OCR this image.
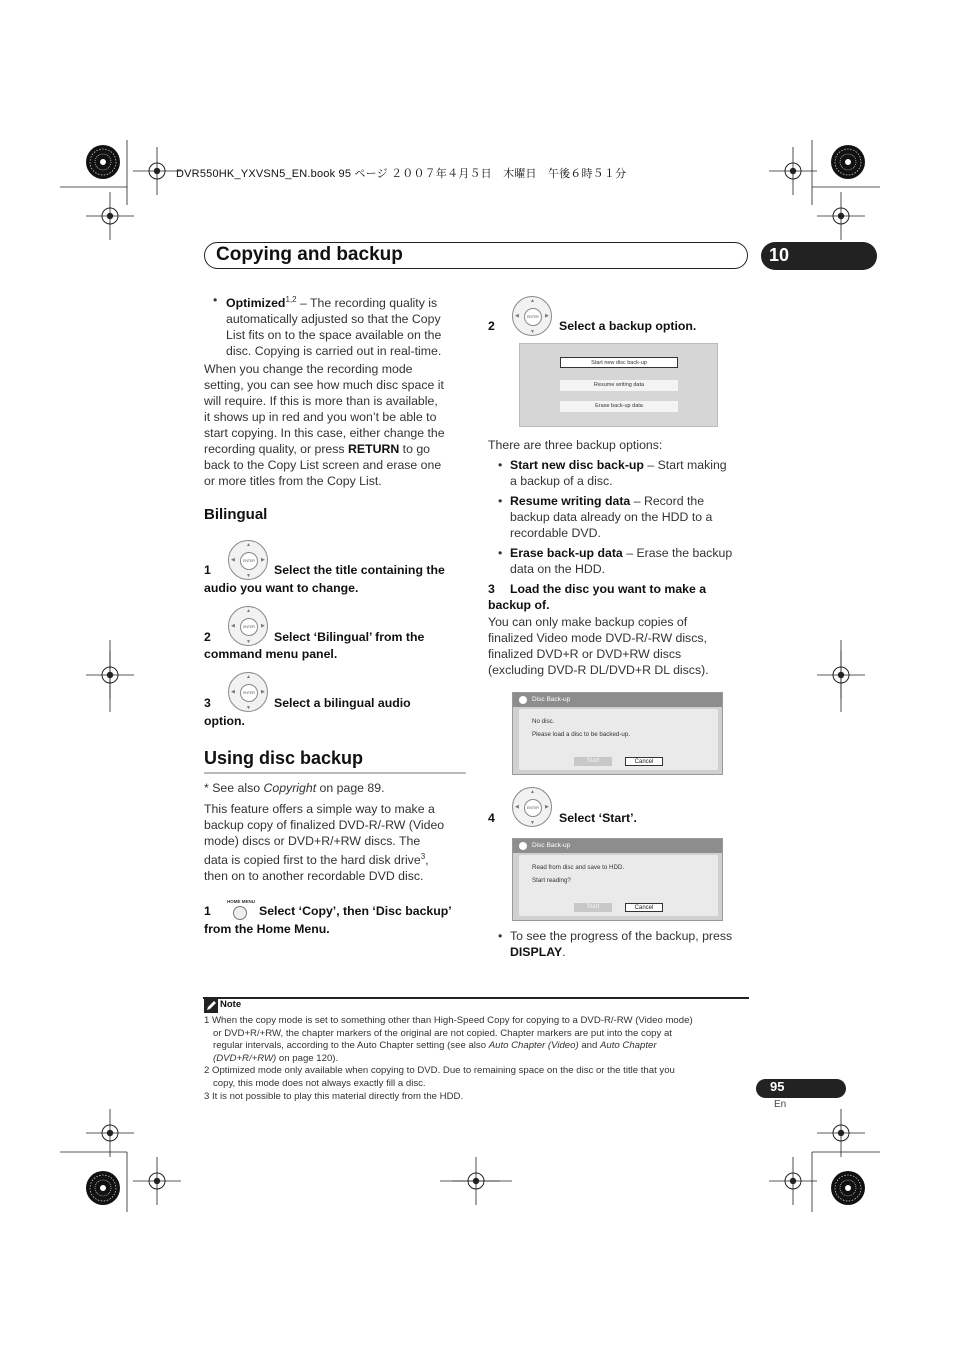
DVR550HK_YXVSN5_EN.book 95 ページ ２００７年４月５日　木曜日　午後６時５１分
Copying and backup	10
• Optimized$^{1,2}$ – The recording quality is
automatically adjusted so that the Copy
List fits on to the space available on the
disc. Copying is carried out in real-time.
When you change the recording mode
setting, you can see how much disc space it
will require. If this is more than is available,
it shows up in red and you won’t be able to
start copying. In this case, either change the
recording quality, or press RETURN to go
back to the Copy List screen and erase one
or more titles from the Copy List.
Bilingual
ENTER
▲
▼
◀	▶
1	Select the title containing the
audio you want to change.
ENTER
▲
▼
◀	▶
2	Select ‘Bilingual’ from the
command menu panel.
ENTER
▲
▼
◀	▶
3	Select a bilingual audio
option.
Using disc backup
* See also Copyright on page 89.
This feature offers a simple way to make a
backup copy of finalized DVD-R/-RW (Video
mode) discs or DVD+R/+RW discs. The
data is copied first to the hard disk drive$^3$,
then on to another recordable DVD disc.
HOME MENU
1	Select ‘Copy’, then ‘Disc backup’
from the Home Menu.
ENTER
▲
▼
◀	▶
2	Select a backup option.
Start new disc back-up
Resume writing data
Erase back-up data
There are three backup options:
• Start new disc back-up – Start making
a backup of a disc.
• Resume writing data – Record the
backup data already on the HDD to a
recordable DVD.
• Erase back-up data – Erase the backup
data on the HDD.
3 Load the disc you want to make a
backup of.
You can only make backup copies of
finalized Video mode DVD-R/-RW discs,
finalized DVD+R or DVD+RW discs
(excluding DVD-R DL/DVD+R DL discs).
Disc Back-up
No disc.
Please load a disc to be backed-up.
Start	Cancel
ENTER
▲
▼
◀	▶
4	Select ‘Start’.
Disc Back-up
Read from disc and save to HDD.
Start reading?
Start	Cancel
• To see the progress of the backup, press
DISPLAY.
Note
1 When the copy mode is set to something other than High-Speed Copy for copying to a DVD-R/-RW (Video mode)
or DVD+R/+RW, the chapter markers of the original are not copied. Chapter markers are put into the copy at
regular intervals, according to the Auto Chapter setting (see also Auto Chapter (Video) and Auto Chapter
(DVD+R/+RW) on page 120).
2 Optimized mode only available when copying to DVD. Due to remaining space on the disc or the title that you
copy, this mode does not always exactly fill a disc.
3 It is not possible to play this material directly from the HDD.
95
En
